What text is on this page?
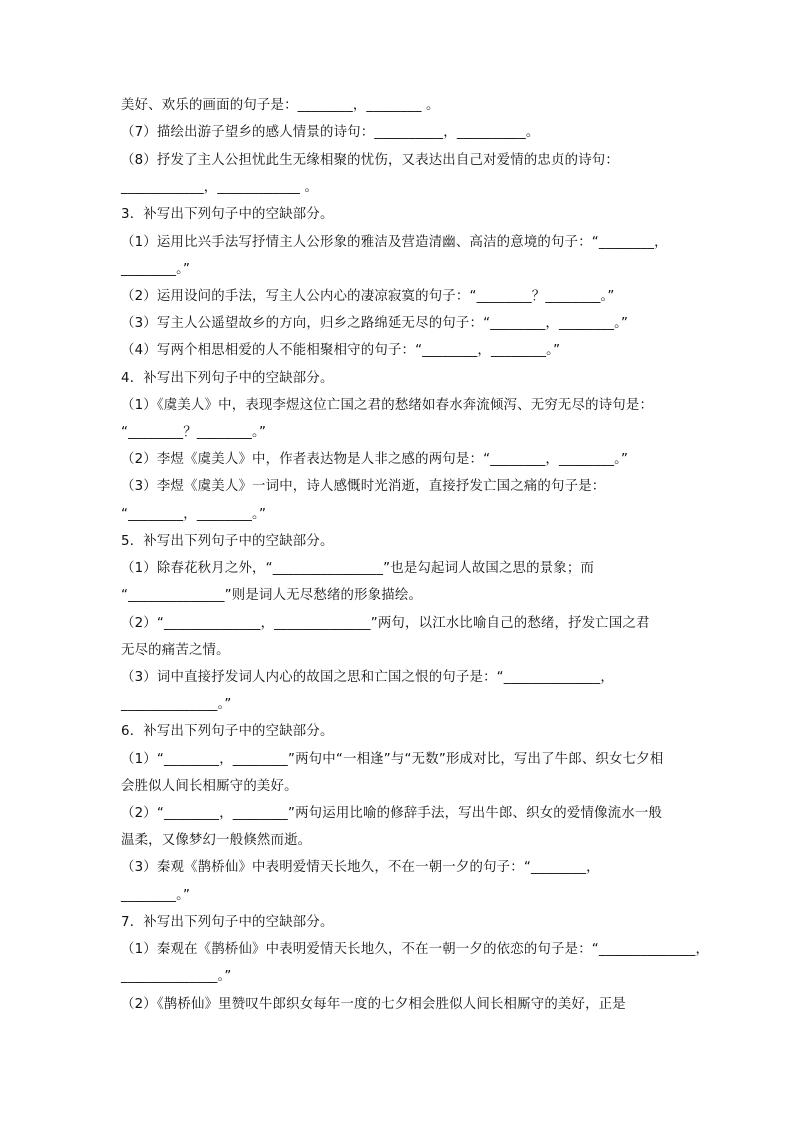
美好、欢乐的画面的句子是：________，________ 。
（7）描绘出游子望乡的感人情景的诗句：__________，__________。
（8）抒发了主人公担忧此生无缘相聚的忧伤，又表达出自己对爱情的忠贞的诗句：
____________，____________ 。
3．补写出下列句子中的空缺部分。
（1）运用比兴手法写抒情主人公形象的雅洁及营造清幽、高洁的意境的句子：“________，
________。”
（2）运用设问的手法，写主人公内心的凄凉寂寞的句子：“________？________。”
（3）写主人公遥望故乡的方向，归乡之路绵延无尽的句子：“________，________。”
（4）写两个相思相爱的人不能相聚相守的句子：“________，________。”
4．补写出下列句子中的空缺部分。
（1）《虞美人》中，表现李煜这位亡国之君的愁绪如春水奔流倾泻、无穷无尽的诗句是：
“________？________。”
（2）李煜《虞美人》中，作者表达物是人非之感的两句是：“________，________。”
（3）李煜《虞美人》一词中，诗人感慨时光消逝，直接抒发亡国之痛的句子是：
“________，________。”
5．补写出下列句子中的空缺部分。
（1）除春花秋月之外，“________________”也是勾起词人故国之思的景象；而
“______________”则是词人无尽愁绪的形象描绘。
（2）“______________，______________”两句，以江水比喻自己的愁绪，抒发亡国之君
无尽的痛苦之情。
（3）词中直接抒发词人内心的故国之思和亡国之恨的句子是：“______________，
______________。”
6．补写出下列句子中的空缺部分。
（1）“________，________”两句中“一相逢”与“无数”形成对比，写出了牛郎、织女七夕相
会胜似人间长相厮守的美好。
（2）“________，________”两句运用比喻的修辞手法，写出牛郎、织女的爱情像流水一般
温柔，又像梦幻一般倏然而逝。
（3）秦观《鹊桥仙》中表明爱情天长地久，不在一朝一夕的句子：“________，
________。”
7．补写出下列句子中的空缺部分。
（1）秦观在《鹊桥仙》中表明爱情天长地久，不在一朝一夕的依恋的句子是：“______________，
______________。”
（2）《鹊桥仙》里赞叹牛郎织女每年一度的七夕相会胜似人间长相厮守的美好，正是
